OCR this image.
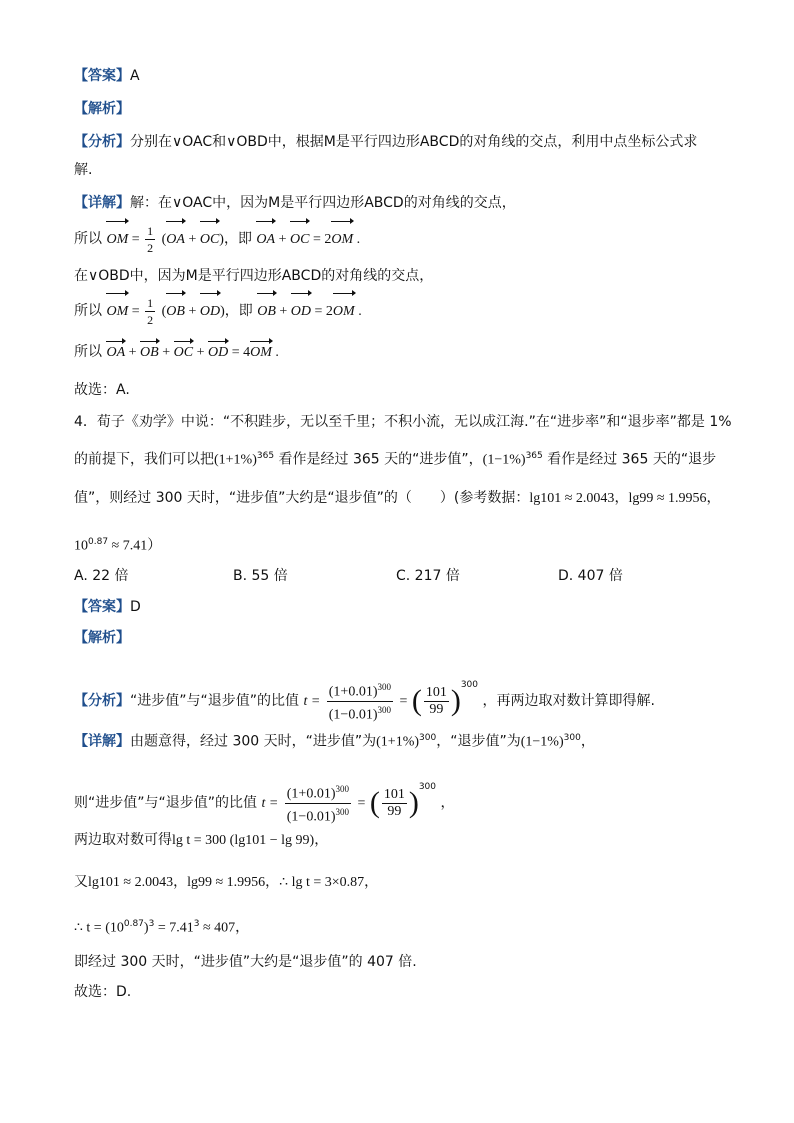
【答案】A
【解析】
【分析】分别在∨OAC和∨OBD中，根据M是平行四边形ABCD的对角线的交点，利用中点坐标公式求
解.
【详解】解：在∨OAC中，因为M是平行四边形ABCD的对角线的交点，
所以 OM = $\frac{1}{2} (OA + OC)$，即 OA + OC = 2OM .
在∨OBD中，因为M是平行四边形ABCD的对角线的交点，
所以 OM = $\frac{1}{2} (OB + OD)$，即 OB + OD = 2OM .
所以 OA + OB + OC + OD = 4OM .
故选：A.
4．荀子《劝学》中说：“不积跬步，无以至千里；不积小流，无以成江海.”在“进步率”和“退步率”都是 1%
的前提下，我们可以把$(1+1\%)^{365}$ 看作是经过 365 天的“进步值”，$(1-1\%)^{365}$ 看作是经过 365 天的“退步
值”，则经过 300 天时，“进步值”大约是“退步值”的（　　）(参考数据：lg101 ≈ 2.0043，lg99 ≈ 1.9956，
$10^{0.87} \approx 7.41$）
A. 22 倍	B. 55 倍	C. 217 倍	D. 407 倍
【答案】D
【解析】
【分析】“进步值”与“退步值”的比值 $t = \frac{(1+0.01)^{300}}{(1-0.01)^{300}}$ = ( $\frac{101}{99} )^{300}$ ，再两边取对数计算即得解.
【详解】由题意得，经过 300 天时，“进步值”为$(1+1\%)^{300}$，“退步值”为$(1-1\%)^{300}$，
则“进步值”与“退步值”的比值 $t = \frac{(1+0.01)^{300}}{(1-0.01)^{300}}$ = ( $\frac{101}{99} )^{300}$ ，
两边取对数可得lg t = 300 (lg101 − lg 99)，
又lg101 ≈ 2.0043，lg99 ≈ 1.9956，∴ lg t = 3×0.87，
∴ $t = (10^{0.87})^3 = 7.41^3 \approx 407$，
即经过 300 天时，“进步值”大约是“退步值”的 407 倍.
故选：D.
